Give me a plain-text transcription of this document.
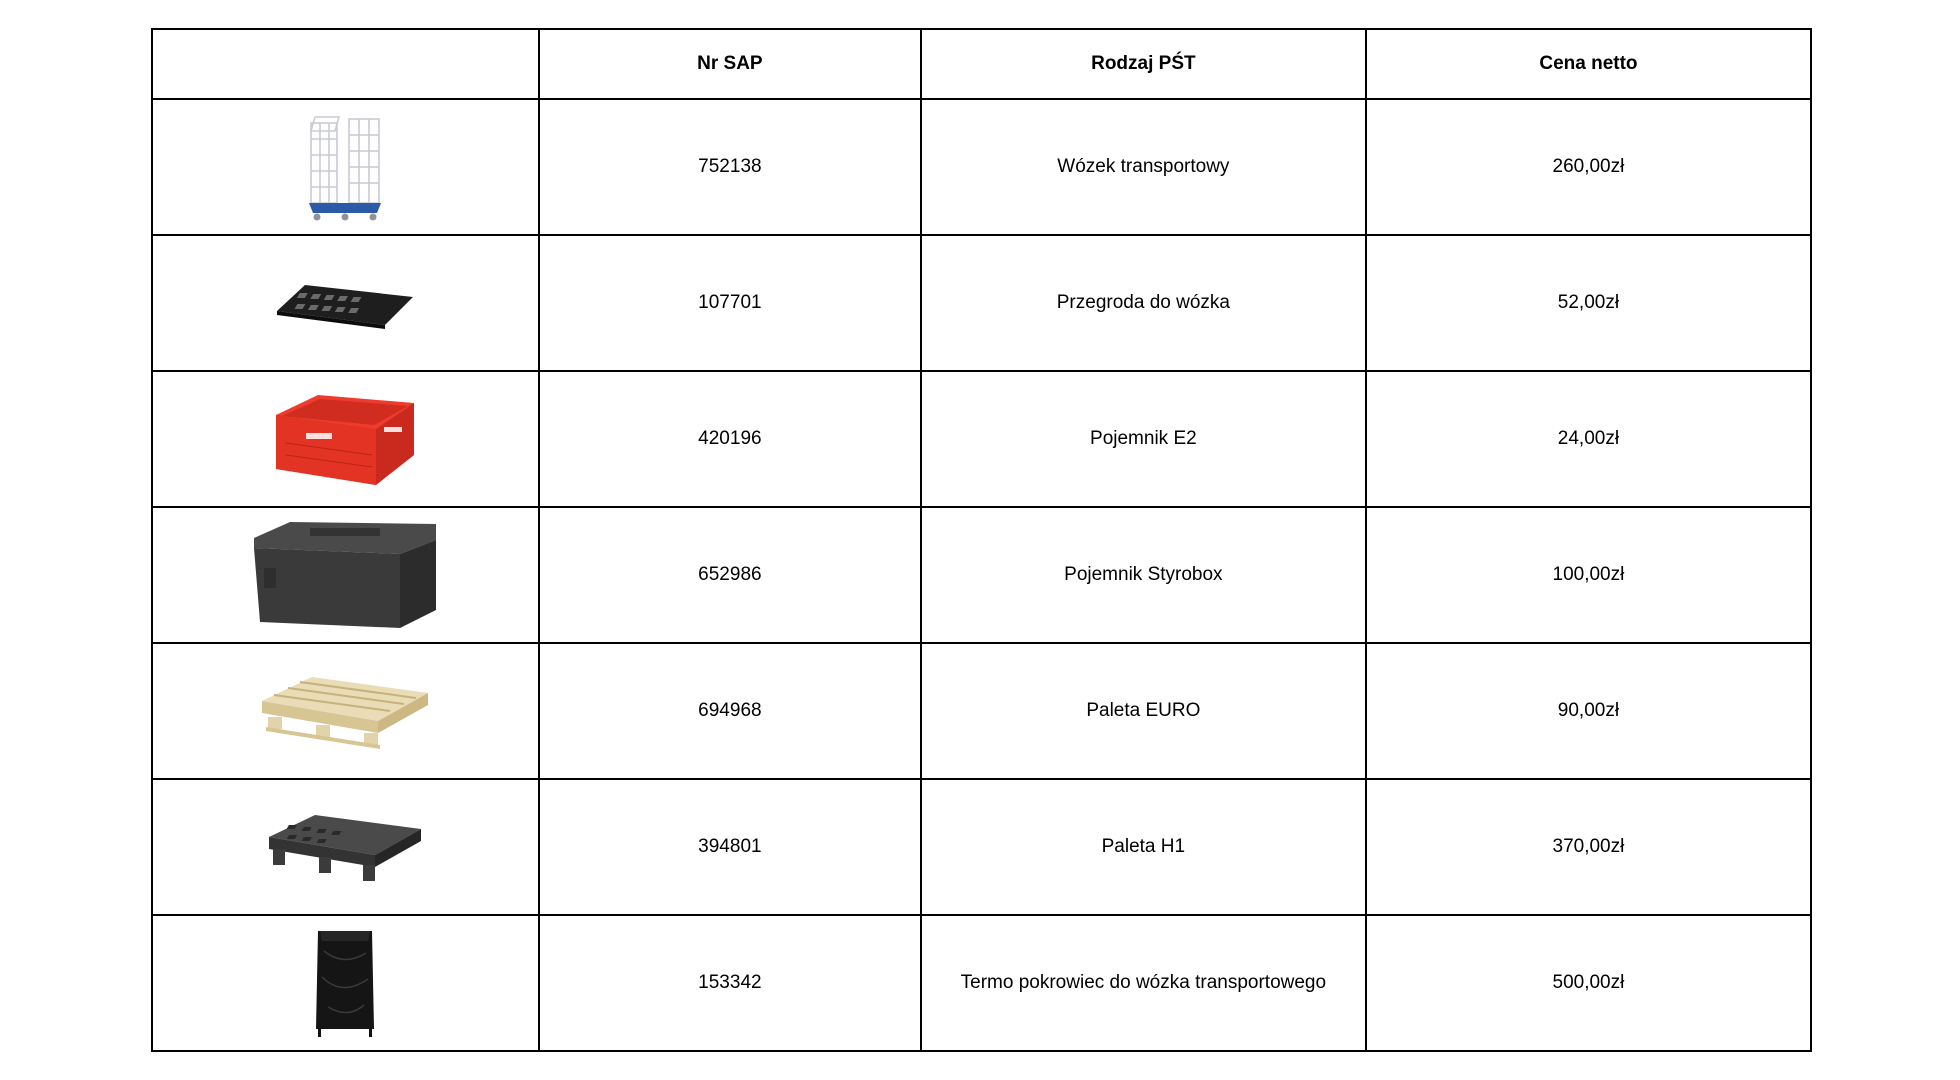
	Nr SAP	Rodzaj PŚT	Cena netto

	752138	Wózek transportowy	260,00zł

	107701	Przegroda do wózka	52,00zł

	420196	Pojemnik E2	24,00zł

	652986	Pojemnik Styrobox	100,00zł

	694968	Paleta EURO	90,00zł

	394801	Paleta H1	370,00zł

	153342	Termo pokrowiec do wózka transportowego	500,00zł
